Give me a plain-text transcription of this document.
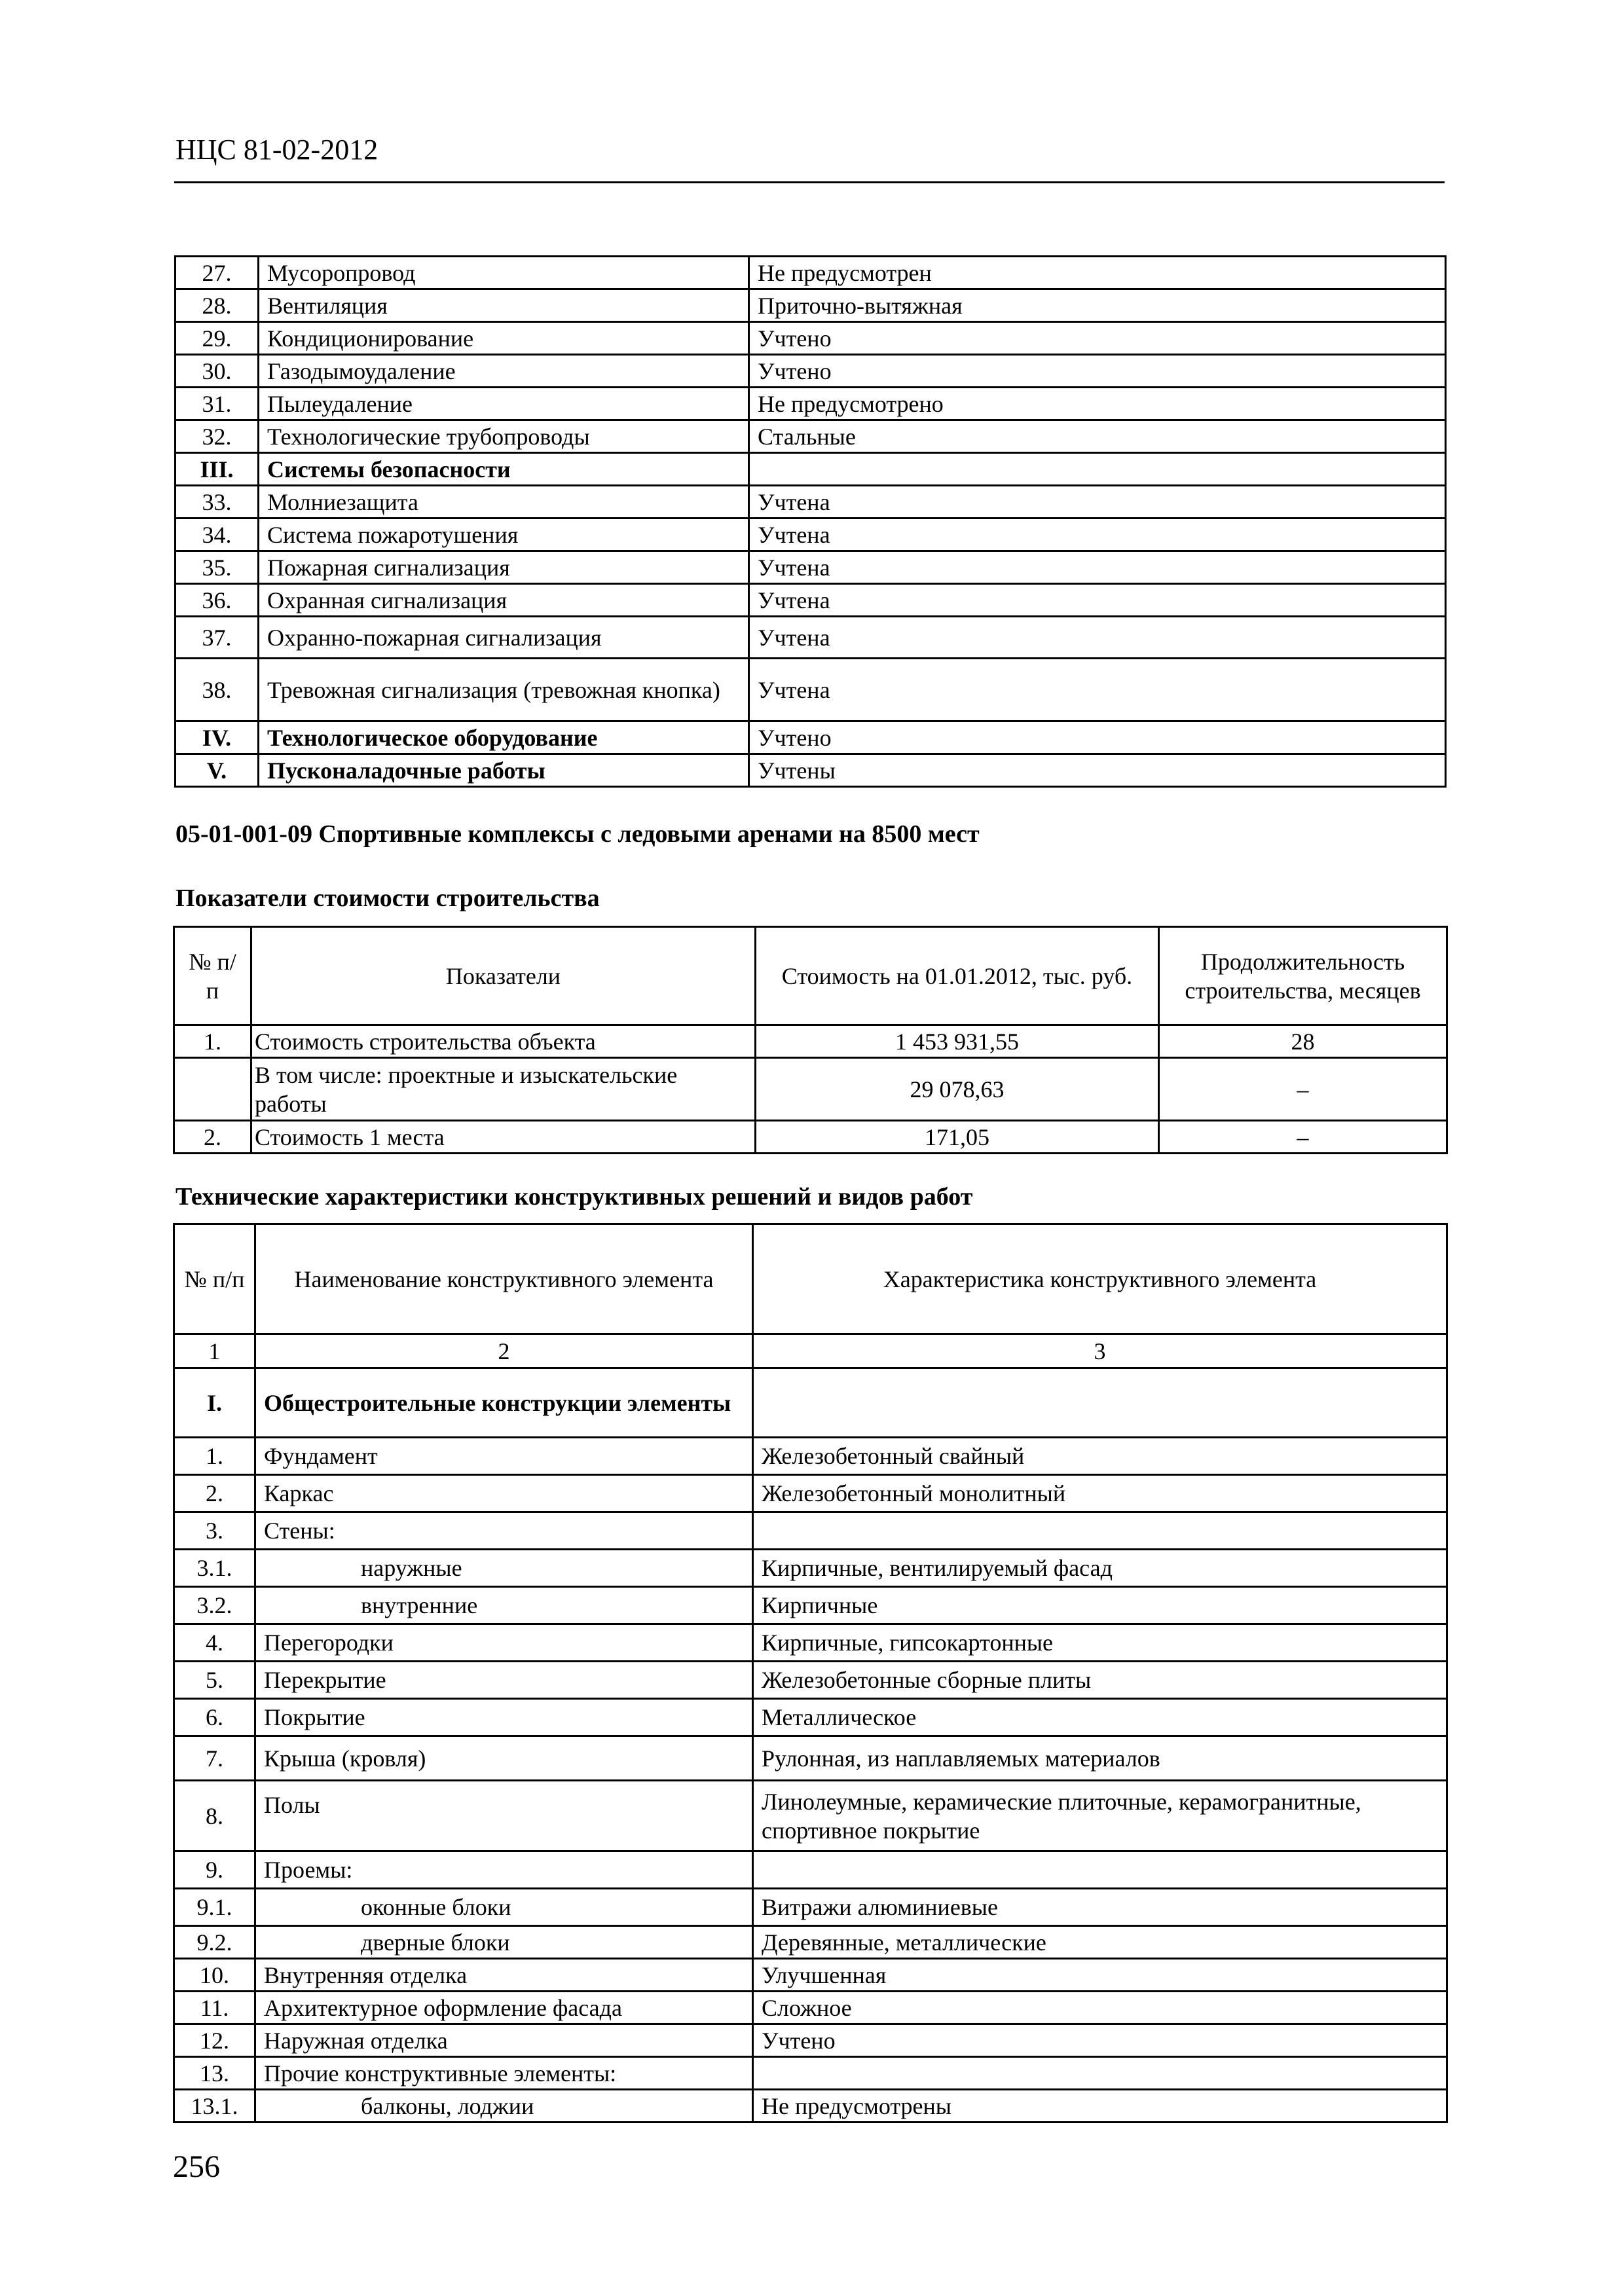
НЦС 81-02-2012
27.	Мусоропровод	Не предусмотрен
28.	Вентиляция	Приточно-вытяжная
29.	Кондиционирование	Учтено
30.	Газодымоудаление	Учтено
31.	Пылеудаление	Не предусмотрено
32.	Технологические трубопроводы	Стальные
III.	Системы безопасности	
33.	Молниезащита	Учтена
34.	Система пожаротушения	Учтена
35.	Пожарная сигнализация	Учтена
36.	Охранная сигнализация	Учтена
37.	Охранно-пожарная сигнализация	Учтена
38.	Тревожная сигнализация (тревожная кнопка)	Учтена
IV.	Технологическое оборудование	Учтено
V.	Пусконаладочные работы	Учтены
05-01-001-09 Спортивные комплексы с ледовыми аренами на 8500 мест
Показатели стоимости строительства
№ п/п	Показатели	Стоимость на 01.01.2012, тыс. руб.	Продолжительность строительства, месяцев
1.	Стоимость строительства объекта	1 453 931,55	28
	В том числе: проектные и изыскательские работы	29 078,63	–
2.	Стоимость 1 места	171,05	–
Технические характеристики конструктивных решений и видов работ
№ п/п	Наименование конструктивного элемента	Характеристика конструктивного элемента
1	2	3
I.	Общестроительные конструкции элементы	
1.	Фундамент	Железобетонный свайный
2.	Каркас	Железобетонный монолитный
3.	Стены:	
3.1.	наружные	Кирпичные, вентилируемый фасад
3.2.	внутренние	Кирпичные
4.	Перегородки	Кирпичные, гипсокартонные
5.	Перекрытие	Железобетонные сборные плиты
6.	Покрытие	Металлическое
7.	Крыша (кровля)	Рулонная, из наплавляемых материалов
8.	Полы	Линолеумные, керамические плиточные, керамогранитные, спортивное покрытие
9.	Проемы:	
9.1.	оконные блоки	Витражи алюминиевые
9.2.	дверные блоки	Деревянные, металлические
10.	Внутренняя отделка	Улучшенная
11.	Архитектурное оформление фасада	Сложное
12.	Наружная отделка	Учтено
13.	Прочие конструктивные элементы:	
13.1.	балконы, лоджии	Не предусмотрены
256
